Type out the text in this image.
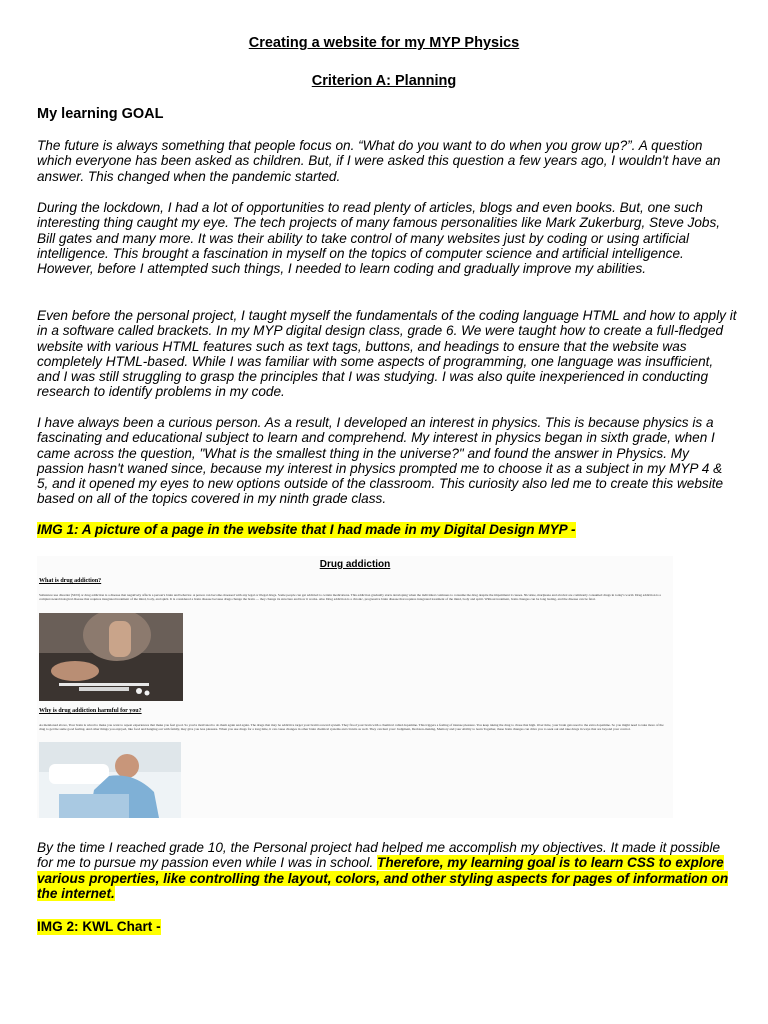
Creating a website for my MYP Physics
Criterion A: Planning
My learning GOAL

The future is always something that people focus on. “What do you want to do when you grow up?”. A question which everyone has been asked as children. But, if I were asked this question a few years ago, I wouldn't have an answer. This changed when the pandemic started.

During the lockdown, I had a lot of opportunities to read plenty of articles, blogs and even books. But, one such interesting thing caught my eye. The tech projects of many famous personalities like Mark Zukerburg, Steve Jobs, Bill gates and many more. It was their ability to take control of many websites just by coding or using artificial intelligence. This brought a fascination in myself on the topics of computer science and artificial intelligence. However, before I attempted such things, I needed to learn coding and gradually improve my abilities.

Even before the personal project, I taught myself the fundamentals of the coding language HTML and how to apply it in a software called brackets. In my MYP digital design class, grade 6. We were taught how to create a full-fledged website with various HTML features such as text tags, buttons, and headings to ensure that the website was completely HTML-based. While I was familiar with some aspects of programming, one language was insufficient, and I was still struggling to grasp the principles that I was studying. I was also quite inexperienced in conducting research to identify problems in my code.

I have always been a curious person. As a result, I developed an interest in physics. This is because physics is a fascinating and educational subject to learn and comprehend. My interest in physics began in sixth grade, when I came across the question, "What is the smallest thing in the universe?" and found the answer in Physics. My passion hasn't waned since, because my interest in physics prompted me to choose it as a subject in my MYP 4 & 5, and it opened my eyes to new options outside of the classroom. This curiosity also led me to create this website based on all of the topics covered in my ninth grade class.

IMG 1: A picture of a page in the website that I had made in my Digital Design MYP -
Drug addiction
What is drug addiction?

Substance use disorder (SUD) or drug addiction is a disease that negatively affects a person's brain and behavior. A person can become obsessed with any legal or illegal drugs. Some people can get addicted to certain medications. This addiction gradually starts developing when the individual continues to consume the drug despite the impairment it causes. Nicotine, marijuana and alcohol are commonly consumed drugs in today's world. Drug addiction is a complex neurobiological disease that requires integrated treatment of the mind, body, and spirit. It is considered a brain disease because drugs change the brain — they change its structure and how it works. Also Drug addiction is a chronic, progressive brain disease that requires integrated treatment of the mind, body and spirit. Without treatment, brain changes can be long lasting, and the disease can be fatal.

Why is drug addiction harmful for you?

As mentioned above, Your brain is wired to make you want to repeat experiences that make you feel good. So you're motivated to do them again and again. The drugs that may be addictive target your brain's reward system. They flood your brain with a chemical called dopamine. This triggers a feeling of intense pleasure. You keep taking the drug to chase that high. Over time, your brain gets used to the extra dopamine. So you might need to take more of the drug to get the same good feeling. And other things you enjoyed, like food and hanging out with family, may give you less pleasure. When you use drugs for a long time, it can cause changes in other brain chemical systems and circuits as well. They can hurt your: Judgment, Decision-making, Memory and your Ability to learn Together, these brain changes can drive you to seek out and take drugs in ways that are beyond your control.

By the time I reached grade 10, the Personal project had helped me accomplish my objectives. It made it possible for me to pursue my passion even while I was in school. Therefore, my learning goal is to learn CSS to explore various properties, like controlling the layout, colors, and other styling aspects for pages of information on the internet.

IMG 2: KWL Chart -
